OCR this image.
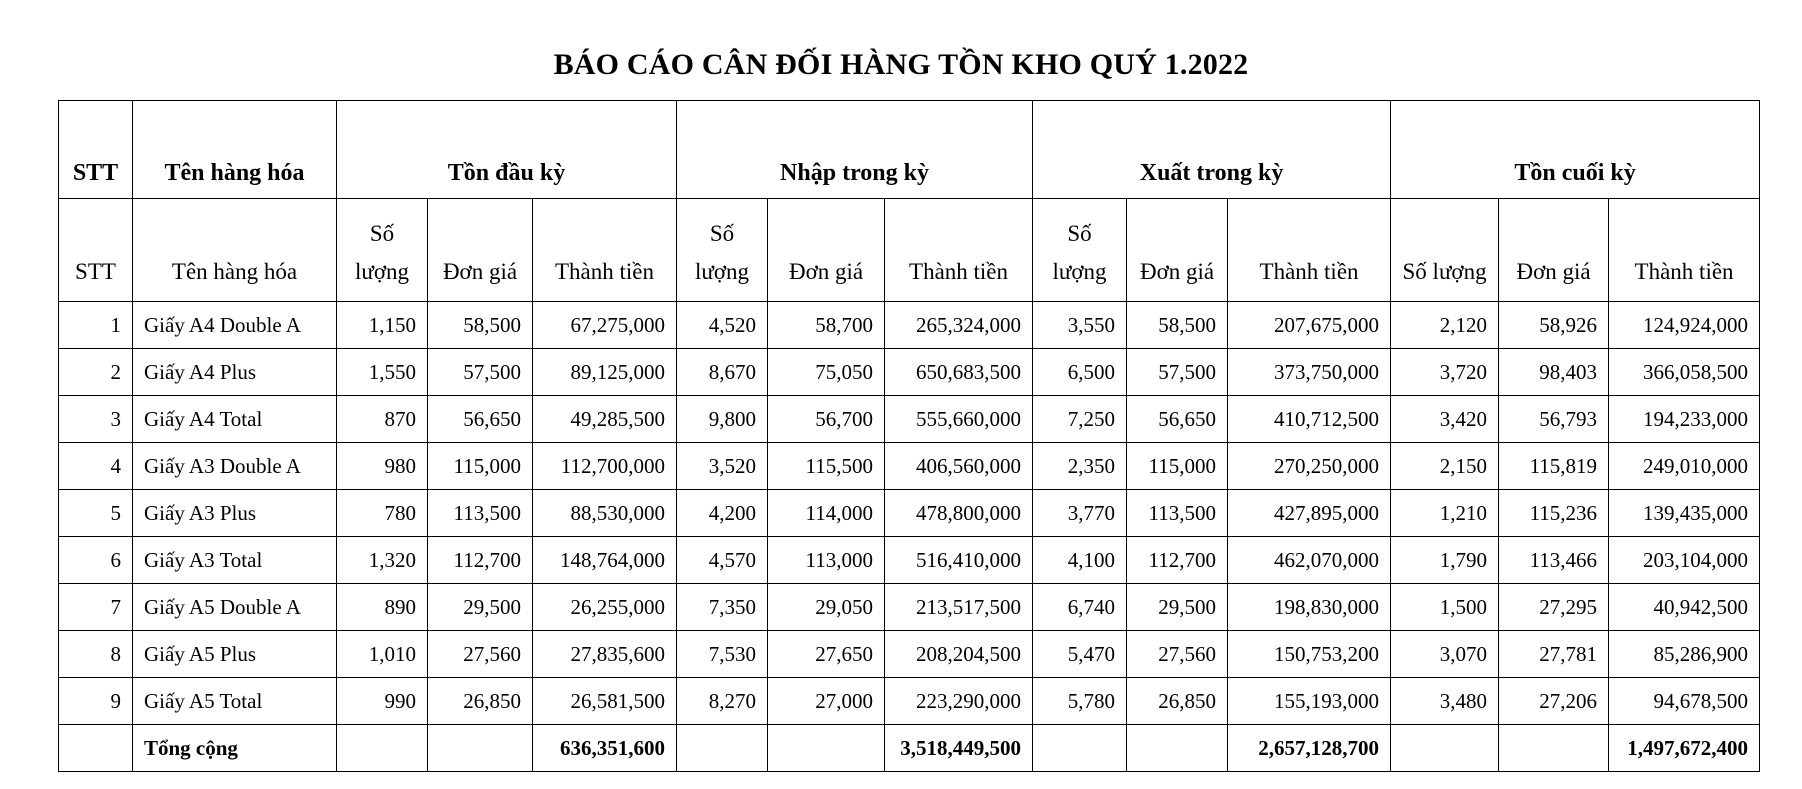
BÁO CÁO CÂN ĐỐI HÀNG TỒN KHO QUÝ 1.2022
STT	Tên hàng hóa	Tồn đầu kỳ			Nhập trong kỳ			Xuất trong kỳ			Tồn cuối kỳ		
STT	Tên hàng hóa	Số lượng	Đơn giá	Thành tiền	Số lượng	Đơn giá	Thành tiền	Số lượng	Đơn giá	Thành tiền	Số lượng	Đơn giá	Thành tiền
1	Giấy A4 Double A	1,150	58,500	67,275,000	4,520	58,700	265,324,000	3,550	58,500	207,675,000	2,120	58,926	124,924,000
2	Giấy A4 Plus	1,550	57,500	89,125,000	8,670	75,050	650,683,500	6,500	57,500	373,750,000	3,720	98,403	366,058,500
3	Giấy A4 Total	870	56,650	49,285,500	9,800	56,700	555,660,000	7,250	56,650	410,712,500	3,420	56,793	194,233,000
4	Giấy A3 Double A	980	115,000	112,700,000	3,520	115,500	406,560,000	2,350	115,000	270,250,000	2,150	115,819	249,010,000
5	Giấy A3 Plus	780	113,500	88,530,000	4,200	114,000	478,800,000	3,770	113,500	427,895,000	1,210	115,236	139,435,000
6	Giấy A3 Total	1,320	112,700	148,764,000	4,570	113,000	516,410,000	4,100	112,700	462,070,000	1,790	113,466	203,104,000
7	Giấy A5 Double A	890	29,500	26,255,000	7,350	29,050	213,517,500	6,740	29,500	198,830,000	1,500	27,295	40,942,500
8	Giấy A5 Plus	1,010	27,560	27,835,600	7,530	27,650	208,204,500	5,470	27,560	150,753,200	3,070	27,781	85,286,900
9	Giấy A5 Total	990	26,850	26,581,500	8,270	27,000	223,290,000	5,780	26,850	155,193,000	3,480	27,206	94,678,500
	Tổng cộng			636,351,600			3,518,449,500			2,657,128,700			1,497,672,400
